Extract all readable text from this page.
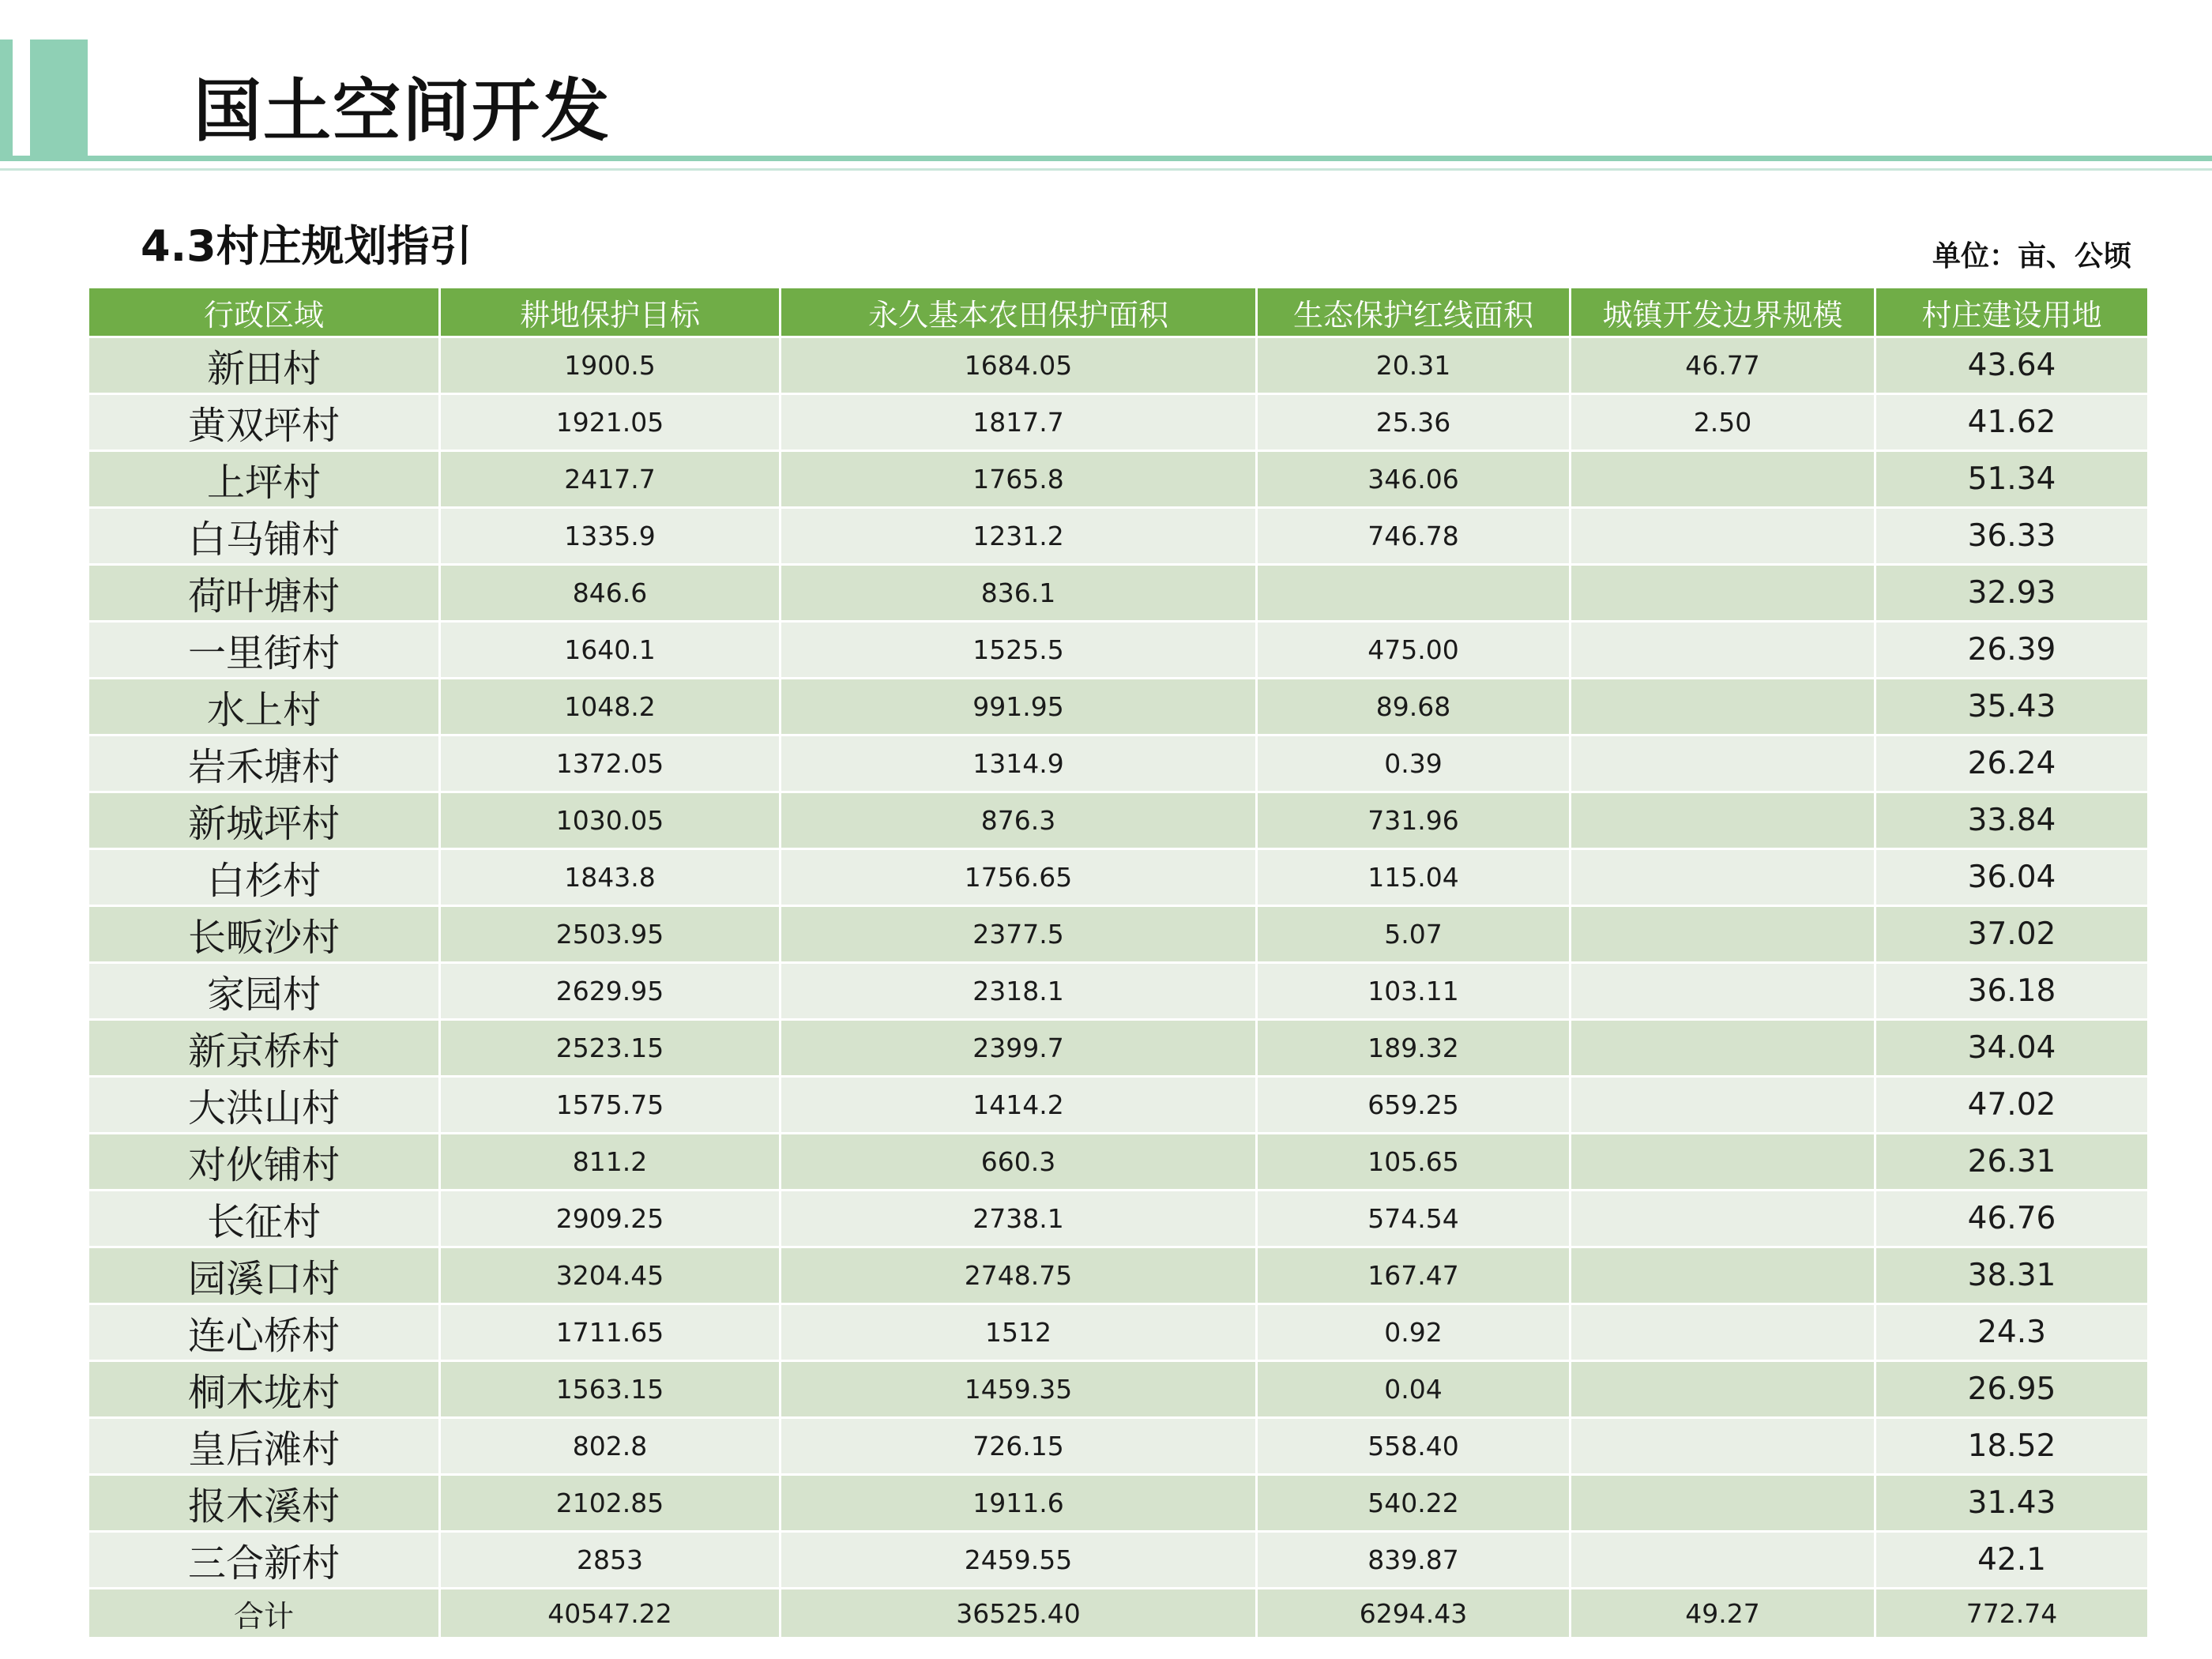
国土空间开发
4.3村庄规划指引	单位：亩、公顷
行政区域	耕地保护目标	永久基本农田保护面积	生态保护红线面积	城镇开发边界规模	村庄建设用地
新田村	1900.5	1684.05	20.31	46.77	43.64
黄双坪村	1921.05	1817.7	25.36	2.50	41.62
上坪村	2417.7	1765.8	346.06		51.34
白马铺村	1335.9	1231.2	746.78		36.33
荷叶塘村	846.6	836.1			32.93
一里街村	1640.1	1525.5	475.00		26.39
水上村	1048.2	991.95	89.68		35.43
岩禾塘村	1372.05	1314.9	0.39		26.24
新城坪村	1030.05	876.3	731.96		33.84
白杉村	1843.8	1756.65	115.04		36.04
长畈沙村	2503.95	2377.5	5.07		37.02
家园村	2629.95	2318.1	103.11		36.18
新京桥村	2523.15	2399.7	189.32		34.04
大洪山村	1575.75	1414.2	659.25		47.02
对伙铺村	811.2	660.3	105.65		26.31
长征村	2909.25	2738.1	574.54		46.76
园溪口村	3204.45	2748.75	167.47		38.31
连心桥村	1711.65	1512	0.92		24.3
桐木垅村	1563.15	1459.35	0.04		26.95
皇后滩村	802.8	726.15	558.40		18.52
报木溪村	2102.85	1911.6	540.22		31.43
三合新村	2853	2459.55	839.87		42.1
合计	40547.22	36525.40	6294.43	49.27	772.74
